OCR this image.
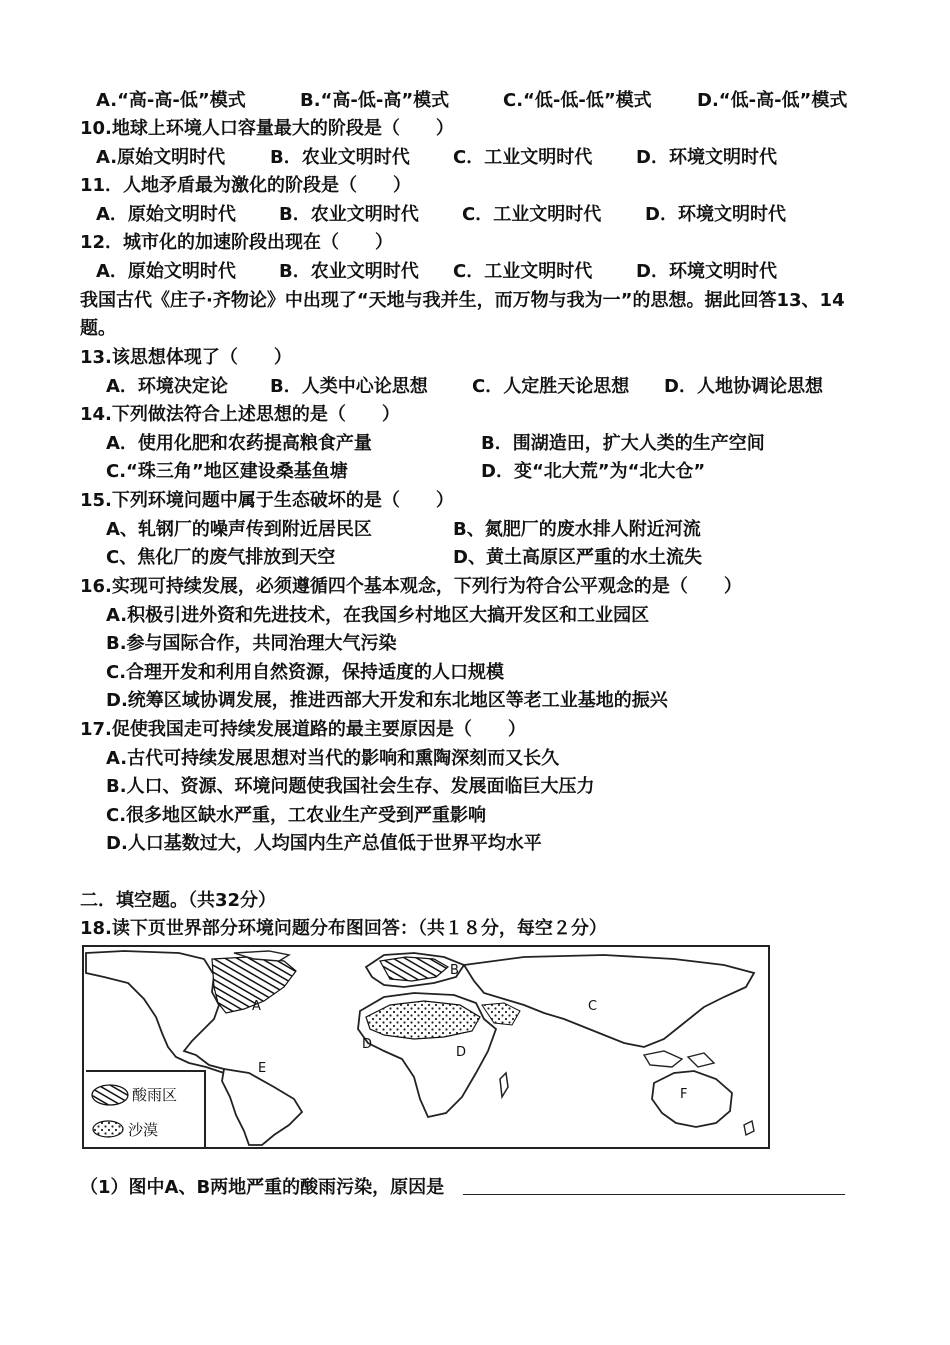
A.“高-高-低”模式	B.“高-低-高”模式	C.“低-低-低”模式	D.“低-高-低”模式
10.地球上环境人口容量最大的阶段是（　　）
A.原始文明时代 B．农业文明时代 C．工业文明时代 D．环境文明时代
11．人地矛盾最为激化的阶段是（　　）
A．原始文明时代 B．农业文明时代 C．工业文明时代 D．环境文明时代
12．城市化的加速阶段出现在（　　）
A．原始文明时代 B．农业文明时代 C．工业文明时代 D．环境文明时代
我国古代《庄子·齐物论》中出现了“天地与我并生，而万物与我为一”的思想。据此回答13、14
题。
13.该思想体现了（　　）
A．环境决定论 B．人类中心论思想 C．人定胜天论思想 D．人地协调论思想
14.下列做法符合上述思想的是（　　）
A．使用化肥和农药提高粮食产量	B．围湖造田，扩大人类的生产空间
C.“珠三角”地区建设桑基鱼塘	D．变“北大荒”为“北大仓”
15.下列环境问题中属于生态破坏的是（　　）
A、轧钢厂的噪声传到附近居民区	B、氮肥厂的废水排人附近河流
C、焦化厂的废气排放到天空	D、黄土高原区严重的水土流失
16.实现可持续发展，必须遵循四个基本观念，下列行为符合公平观念的是（　　）
A.积极引进外资和先进技术，在我国乡村地区大搞开发区和工业园区
B.参与国际合作，共同治理大气污染
C.合理开发和利用自然资源，保持适度的人口规模
D.统筹区域协调发展，推进西部大开发和东北地区等老工业基地的振兴
17.促使我国走可持续发展道路的最主要原因是（　　）
A.古代可持续发展思想对当代的影响和熏陶深刻而又长久
B.人口、资源、环境问题使我国社会生存、发展面临巨大压力
C.很多地区缺水严重，工农业生产受到严重影响
D.人口基数过大，人均国内生产总值低于世界平均水平
二．填空题。（共32分）
18.读下页世界部分环境问题分布图回答：（共１８分，每空２分）
A
B
C
D
D
E
F
酸雨区
沙漠
（1）图中A、B两地严重的酸雨污染，原因是
